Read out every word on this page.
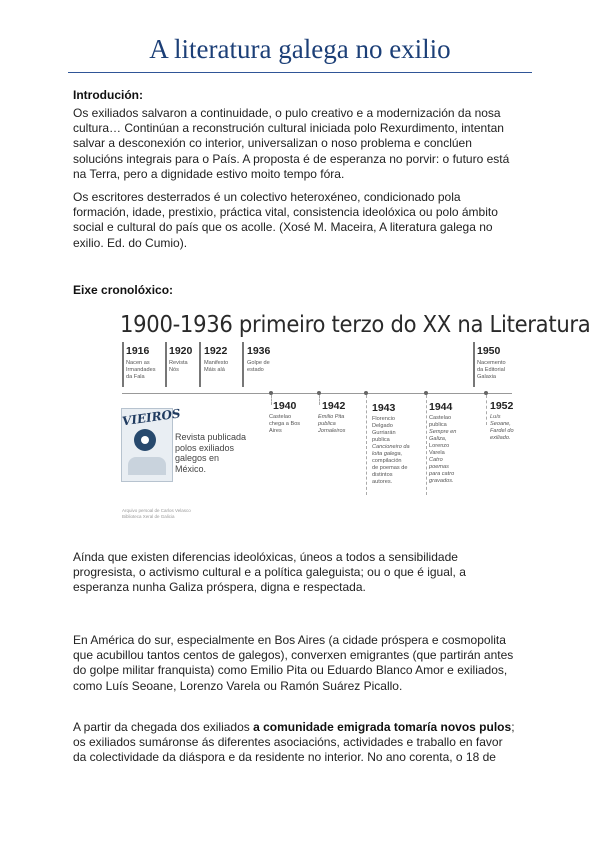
A literatura galega no exilio
Introdución:
Os exiliados salvaron a continuidade, o pulo creativo e a modernización da nosa
cultura… Continúan a reconstrución cultural iniciada polo Rexurdimento, intentan
salvar a desconexión co interior, universalizan o noso problema e conclúen
solucións integrais para o País. A proposta é de esperanza no porvir: o futuro está
na Terra, pero a dignidade estivo moito tempo fóra.
Os escritores desterrados é un colectivo heteroxéneo, condicionado pola
formación, idade, prestixio, práctica vital, consistencia ideolóxica ou polo ámbito
social e cultural do país que os acolle. (Xosé M. Maceira, A literatura galega no
exilio. Ed. do Cumio).
Eixe cronolóxico:
1900-1936 primeiro terzo do XX na Literatura
1916
Nacen as
Irmandades
da Fala
1920
Revista
Nós
1922
Manifesto
Máis alá
1936
Golpe de
estado
1950
Nacemento
da Editorial
Galaxia
1940
Castelao
chega a Bos
Aires
1942
Emilio Pita
publica
Jornaleiros
1943
Florencio
Delgado
Gurriarán
publica
Cancioneiro da
loita galega,
compilación
de poemas de
distintos
autores.
1944
Castelao
publica
Sempre en
Galiza,
Lorenzo
Varela
Catro
poemas
para catro
gravados.
1952
Luís
Seoane,
Fardel do
exiliado.
VIEIROS
Revista publicada
polos exiliados
galegos en
México.
Arquivo persoal de Carlos Velasco
Biblioteca Xeral de Galicia
Aínda que existen diferencias ideolóxicas, úneos a todos a sensibilidade
progresista, o activismo cultural e a política galeguista; ou o que é igual, a
esperanza nunha Galiza próspera, digna e respectada.
En América do sur, especialmente en Bos Aires (a cidade próspera e cosmopolita
que acubillou tantos centos de galegos), converxen emigrantes (que partirán antes
do golpe militar franquista) como Emilio Pita ou Eduardo Blanco Amor e exiliados,
como Luís Seoane, Lorenzo Varela ou Ramón Suárez Picallo.
A partir da chegada dos exiliados a comunidade emigrada tomaría novos pulos;
os exiliados sumáronse ás diferentes asociacións, actividades e traballo en favor
da colectividade da diáspora e da residente no interior. No ano corenta, o 18 de
